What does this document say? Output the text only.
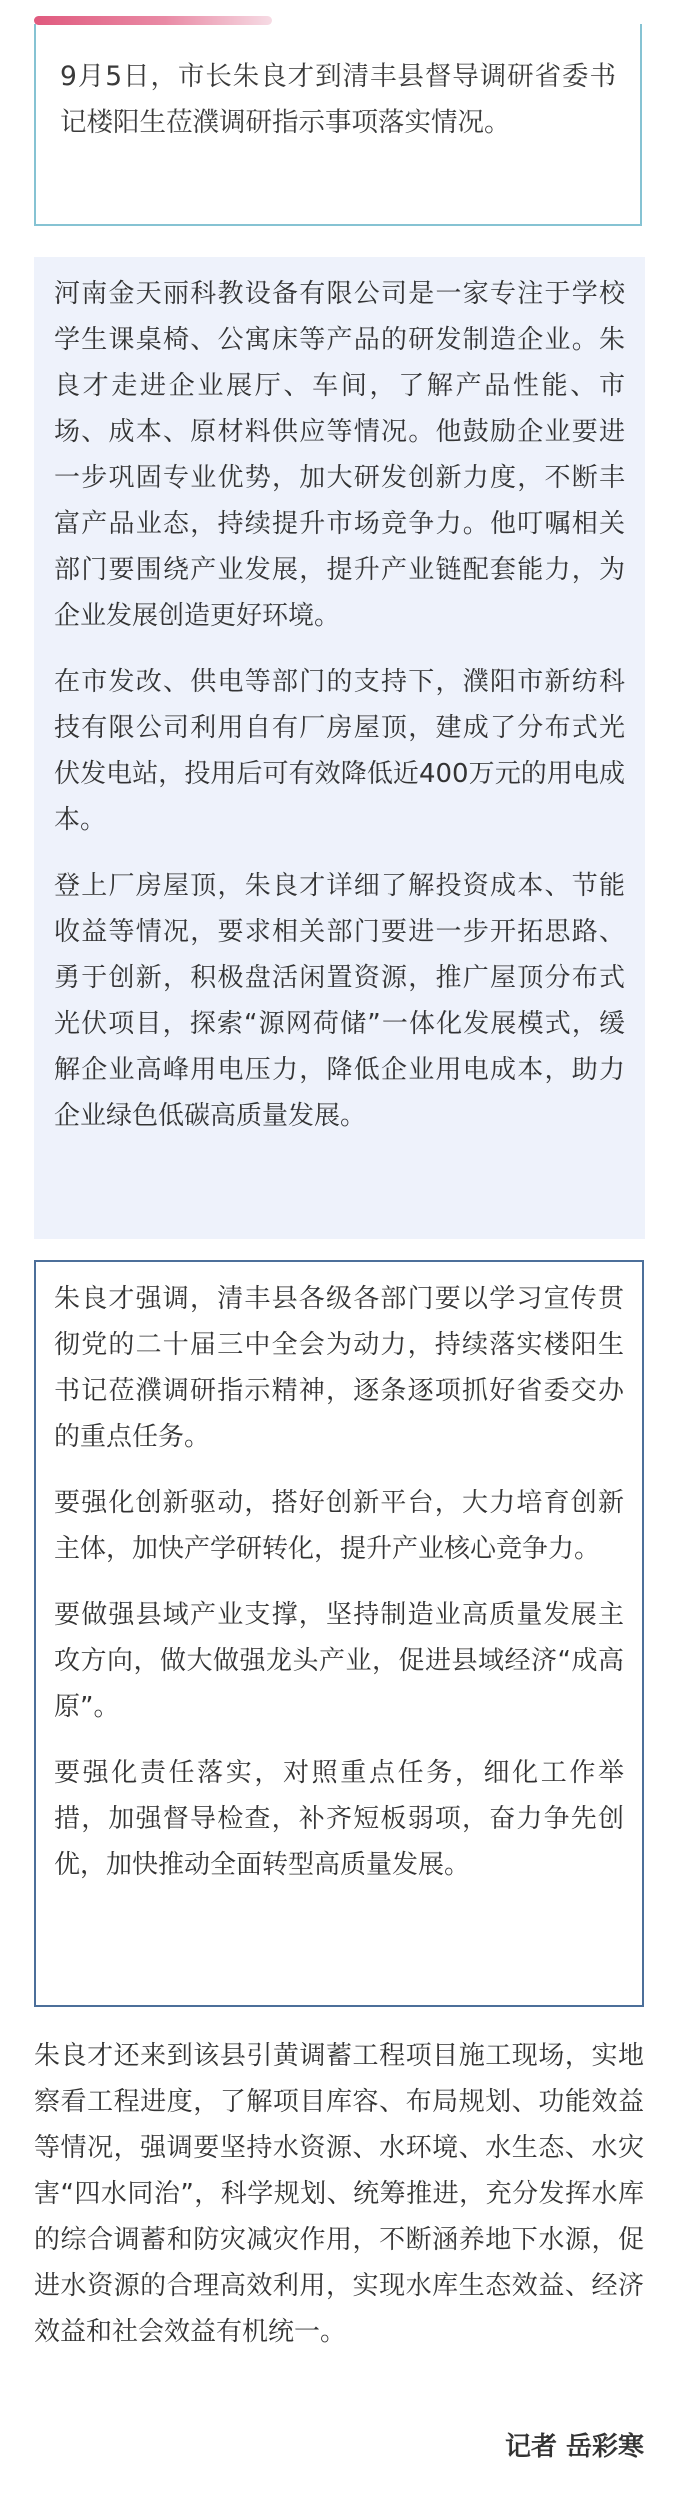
9月5日，市长朱良才到清丰县督导调研省委书记楼阳生莅濮调研指示事项落实情况。

河南金天丽科教设备有限公司是一家专注于学校学生课桌椅、公寓床等产品的研发制造企业。朱良才走进企业展厅、车间，了解产品性能、市场、成本、原材料供应等情况。他鼓励企业要进一步巩固专业优势，加大研发创新力度，不断丰富产品业态，持续提升市场竞争力。他叮嘱相关部门要围绕产业发展，提升产业链配套能力，为企业发展创造更好环境。

在市发改、供电等部门的支持下，濮阳市新纺科技有限公司利用自有厂房屋顶，建成了分布式光伏发电站，投用后可有效降低近400万元的用电成本。

登上厂房屋顶，朱良才详细了解投资成本、节能收益等情况，要求相关部门要进一步开拓思路、勇于创新，积极盘活闲置资源，推广屋顶分布式光伏项目，探索“源网荷储”一体化发展模式，缓解企业高峰用电压力，降低企业用电成本，助力企业绿色低碳高质量发展。

朱良才强调，清丰县各级各部门要以学习宣传贯彻党的二十届三中全会为动力，持续落实楼阳生书记莅濮调研指示精神，逐条逐项抓好省委交办的重点任务。

要强化创新驱动，搭好创新平台，大力培育创新主体，加快产学研转化，提升产业核心竞争力。

要做强县域产业支撑，坚持制造业高质量发展主攻方向，做大做强龙头产业，促进县域经济“成高原”。

要强化责任落实，对照重点任务，细化工作举措，加强督导检查，补齐短板弱项，奋力争先创优，加快推动全面转型高质量发展。

朱良才还来到该县引黄调蓄工程项目施工现场，实地察看工程进度，了解项目库容、布局规划、功能效益等情况，强调要坚持水资源、水环境、水生态、水灾害“四水同治”，科学规划、统筹推进，充分发挥水库的综合调蓄和防灾减灾作用，不断涵养地下水源，促进水资源的合理高效利用，实现水库生态效益、经济效益和社会效益有机统一。

记者 岳彩寒
